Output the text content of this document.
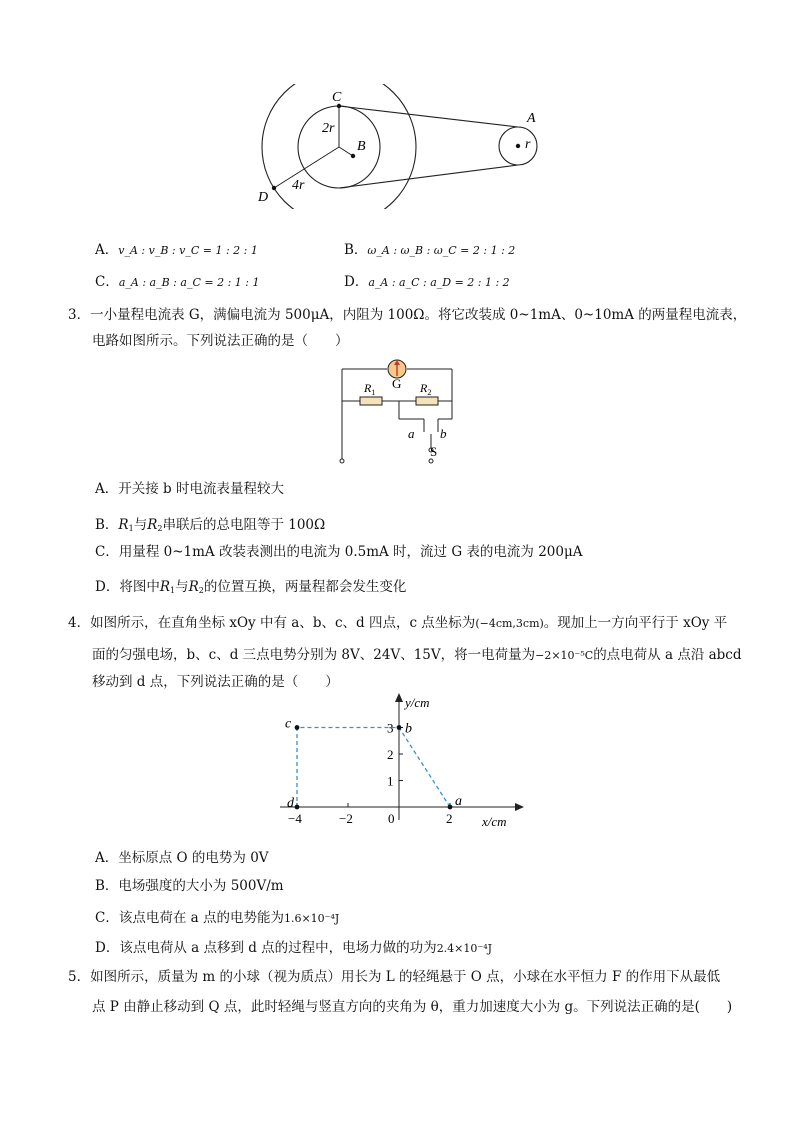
C
2r
B
4r
D
A
r
A．v_A : v_B : v_C = 1 : 2 : 1	B．ω_A : ω_B : ω_C = 2 : 1 : 2
C．a_A : a_B : a_C = 2 : 1 : 1	D．a_A : a_C : a_D = 2 : 1 : 2
3．一小量程电流表 G，满偏电流为 500μA，内阻为 100Ω。将它改装成 0~1mA、0~10mA 的两量程电流表，
电路如图所示。下列说法正确的是（　　）
G
$R_1$	$R_2$
a b
S
A．开关接 b 时电流表量程较大
B．$R_1$与$R_2$串联后的总电阻等于 100Ω
C．用量程 0~1mA 改装表测出的电流为 0.5mA 时，流过 G 表的电流为 200μA
D．将图中$R_1$与$R_2$的位置互换，两量程都会发生变化
4．如图所示，在直角坐标 xOy 中有 a、b、c、d 四点，c 点坐标为(−4cm,3cm)。现加上一方向平行于 xOy 平
面的匀强电场，b、c、d 三点电势分别为 8V、24V、15V，将一电荷量为−2×10⁻⁵C的点电荷从 a 点沿 abcd
移动到 d 点，下列说法正确的是（　　）
x/cm
y/cm
−4	−2	0	2
1
2
3
a
b
c
d
A．坐标原点 O 的电势为 0V
B．电场强度的大小为 500V/m
C．该点电荷在 a 点的电势能为1.6×10⁻⁴J
D．该点电荷从 a 点移到 d 点的过程中，电场力做的功为2.4×10⁻⁴J
5．如图所示，质量为 m 的小球（视为质点）用长为 L 的轻绳悬于 O 点，小球在水平恒力 F 的作用下从最低
点 P 由静止移动到 Q 点，此时轻绳与竖直方向的夹角为 θ，重力加速度大小为 g。下列说法正确的是(　　)
